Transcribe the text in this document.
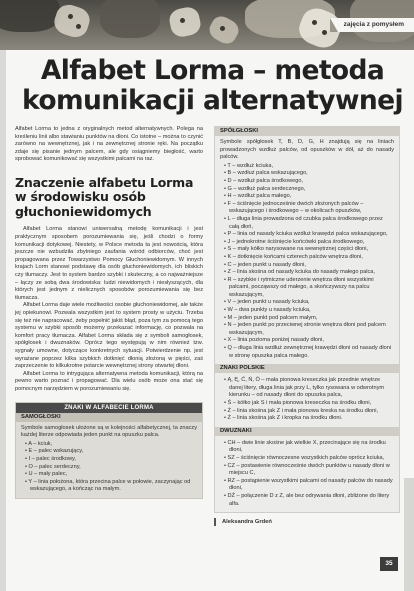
zajęcia z pomysłem
Alfabet Lorma – metoda komunikacji alternatywnej

Alfabet Lorma to jedna z oryginalnych metod alternatywnych. Polega na kreśleniu linii albo stawianiu punktów na dłoni. Co istotne – można to czynić zarówno na wewnętrznej, jak i na zewnętrznej stronie ręki. Na początku zdaje się pisanie jednym palcem, ale gdy osiągniemy biegłość, warto sprobować komunikować się wszystkimi palcami na raz.

Znaczenie alfabetu Lorma w środowisku osób głuchoniewidomych

Alfabet Lorma stanowi uniwersalną metodę komunikacji i jest praktycznym sposobem porozumiewania się, jeśli chodzi o formy komunikacji dotykowej. Niestety, w Polsce metoda ta jest nowością, która jeszcze nie wzbudziła zbytniego zaufania wśród odbiorców, choć jest propagowana przez Towarzystwo Pomocy Głuchoniewidomym. W innych krajach Lorm stanowi podstawę dla osób głuchoniewidomych, ich bliskich czy tłumaczy. Jest to system bardzo szybki i skuteczny, a co najważniejsze – łączy ze sobą dwa środowiska: ludzi niewidomych i niesłyszących, dla których jest jednym z nielicznych sposobów porozumiewania się bez tłumacza.

Alfabet Lorma daje wiele możliwości osobie głuchoniewidomej, ale także jej opiekunowi. Pozwala wszystkim jest to system prosty w użyciu. Trzeba się też nie napracować, żeby popełnić jakiś błąd, poza tym za pomocą tego systemu w szybki sposób możemy przekazać informację, co pozwala na komfort pracy tłumacza. Alfabet Lorma składa się z symboli samogłosek, spółgłosek i dwuznaków. Oprócz tego występują w nim również tzw. sygnały umowne, dotyczące konkretnych sytuacji. Potwierdzenie np. jest wyrażane poprzez kilka szybkich dotknięć dłonią złożoną w pięści, zaś zaprzeczenie to kilkukrotne potarcie wewnętrznej strony otwartej dłoni.

Alfabet Lorma to intrygująca alternatywna metoda komunikacji, którą na pewno warto poznać i propagować. Dla wielu osób może ona stać się pomocnym narzędziem w porozumiewaniu się.

ZNAKI W ALFABECIE LORMA
SAMOGŁOSKI

Symbole samogłosek ułożone są w kolejności alfabetycznej, ta znaczy każdej literze odpowiada jeden punkt na opuszku palca.

• A – kciuk,
• E – palec wskazujący,
• I – palec środkowy,
• O – palec serdeczny,
• U – mały palec,
• Y – linia położona, która przecina palce w połowie, zaczynając od wskazującego, a kończąc na małym.
SPÓŁGŁOSKI

Symbole spółgłosek T, B, D, G, H znajdują się na liniach prowadzonych wzdłuż palców, od opuszków w dół, aż do nasady palców.

• T – wzdłuż kciuka,
• B – wzdłuż palca wskazującego,
• D – wzdłuż palca środkowego,
• G – wzdłuż palca serdecznego,
• H – wzdłuż palca małego,
• F – ściśnięcie jednocześnie dwóch złożonych palców – wskazującego i środkowego – w okolicach opuszków,
• L – długa linia prowadzona od czubka palca środkowego przez całą dłoń,
• P – linia od nasady kciuka wzdłuż krawędzi palca wskazującego,
• J – jednokrotne ściśnięcie końcówki palca środkowego,
• S – mały kółko narysowane na wewnętrznej części dłoni,
• K – dotknięcie końcami czterech palców wnętrza dłoni,
• C – jeden punkt u nasady dłoni,
• Z – linia skośna od nasady kciuka do nasady małego palca,
• R – szybkie i rytmiczne uderzenie wnętrza dłoni wszystkimi palcami, począwszy od małego, a skończywszy na palcu wskazującym,
• V – jeden punkt u nasady kciuka,
• W – dwa punkty u nasady kciuka,
• M – jeden punkt pod palcem małym,
• N – jeden punkt po przeciwnej stronie wnętrza dłoni pod palcem wskazującym,
• X – linia pozioma poniżej nasady dłoni,
• Q – długa linia wzdłuż zewnętrznej krawędzi dłoni od nasady dłoni w stronę opuszka palca małego.
ZNAKI POLSKIE
• Ą, Ę, Ć, Ń, Ó – mała pionowa kreseczka jak przednie wnętrze danej litery, długa linia jak przy L, tylko rysowana w odwrotnym kierunku – od nasady dłoni do opuszka palca,
• Ś – kółko jak S i mała pionowa kreseczka na środku dłoni,
• Ź – linia skośna jak Z i mała pionowa kreska na środku dłoni,
• Ż – linia skośna jak Z i kropka na środku dłoni.
DWUZNAKI
• CH – dwie linie skośne jak wielkie X, przecinające się na środku dłoni,
• SZ – ściśnięcie równoczesne wszystkich palców oprócz kciuka,
• CZ – postawienie równocześnie dwóch punktów u nasady dłoni w miejscu C,
• RZ – postąpienie wszystkimi palcami od nasady palców do nasady dłoni,
• DŹ – połączenie D z Z, ale bez odrywania dłoni, zbliżone do litery alfa.
Aleksandra Grdeń
35
